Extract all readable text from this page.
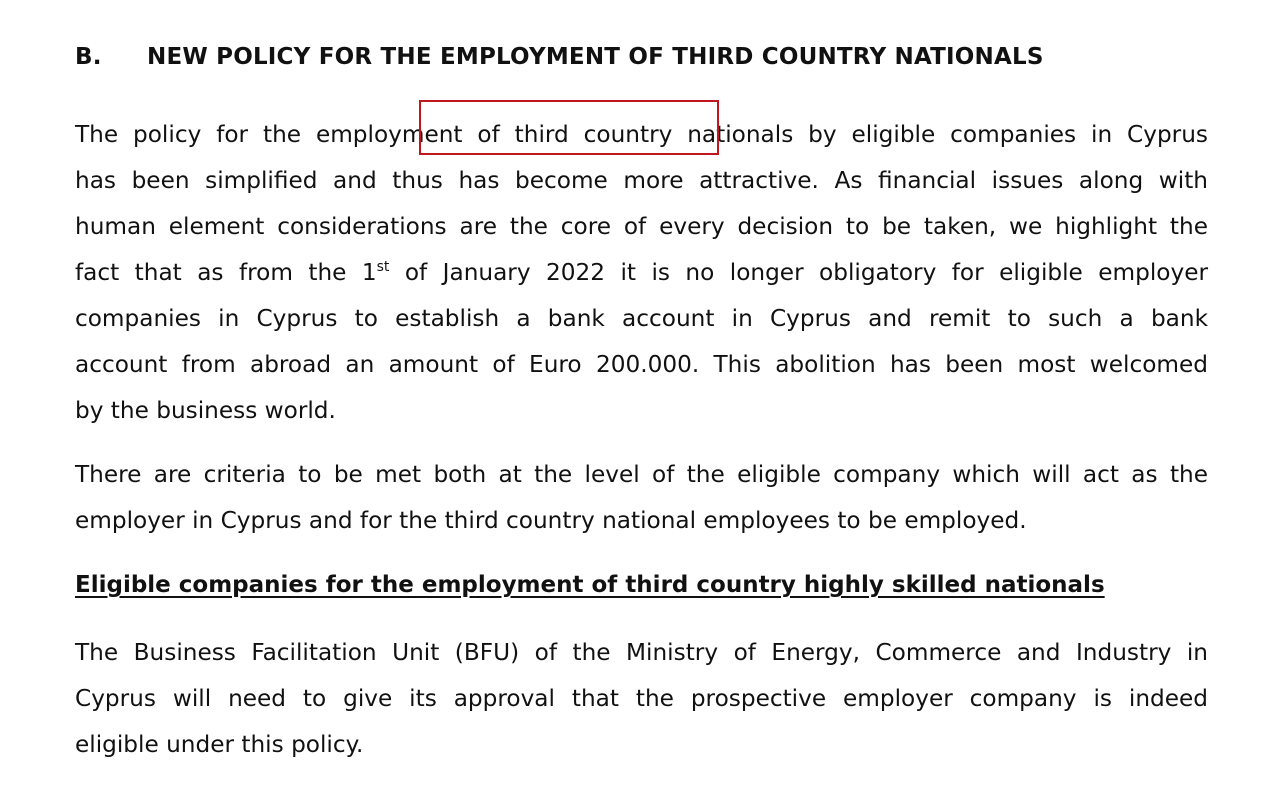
B. NEW POLICY FOR THE EMPLOYMENT OF THIRD COUNTRY NATIONALS
The policy for the employment of third country nationals by eligible companies in Cyprus
has been simplified and thus has become more attractive. As financial issues along with
human element considerations are the core of every decision to be taken, we highlight the
fact that as from the 1st of January 2022 it is no longer obligatory for eligible employer
companies in Cyprus to establish a bank account in Cyprus and remit to such a bank
account from abroad an amount of Euro 200.000. This abolition has been most welcomed
by the business world.
There are criteria to be met both at the level of the eligible company which will act as the
employer in Cyprus and for the third country national employees to be employed.
Eligible companies for the employment of third country highly skilled nationals
The Business Facilitation Unit (BFU) of the Ministry of Energy, Commerce and Industry in
Cyprus will need to give its approval that the prospective employer company is indeed
eligible under this policy.
